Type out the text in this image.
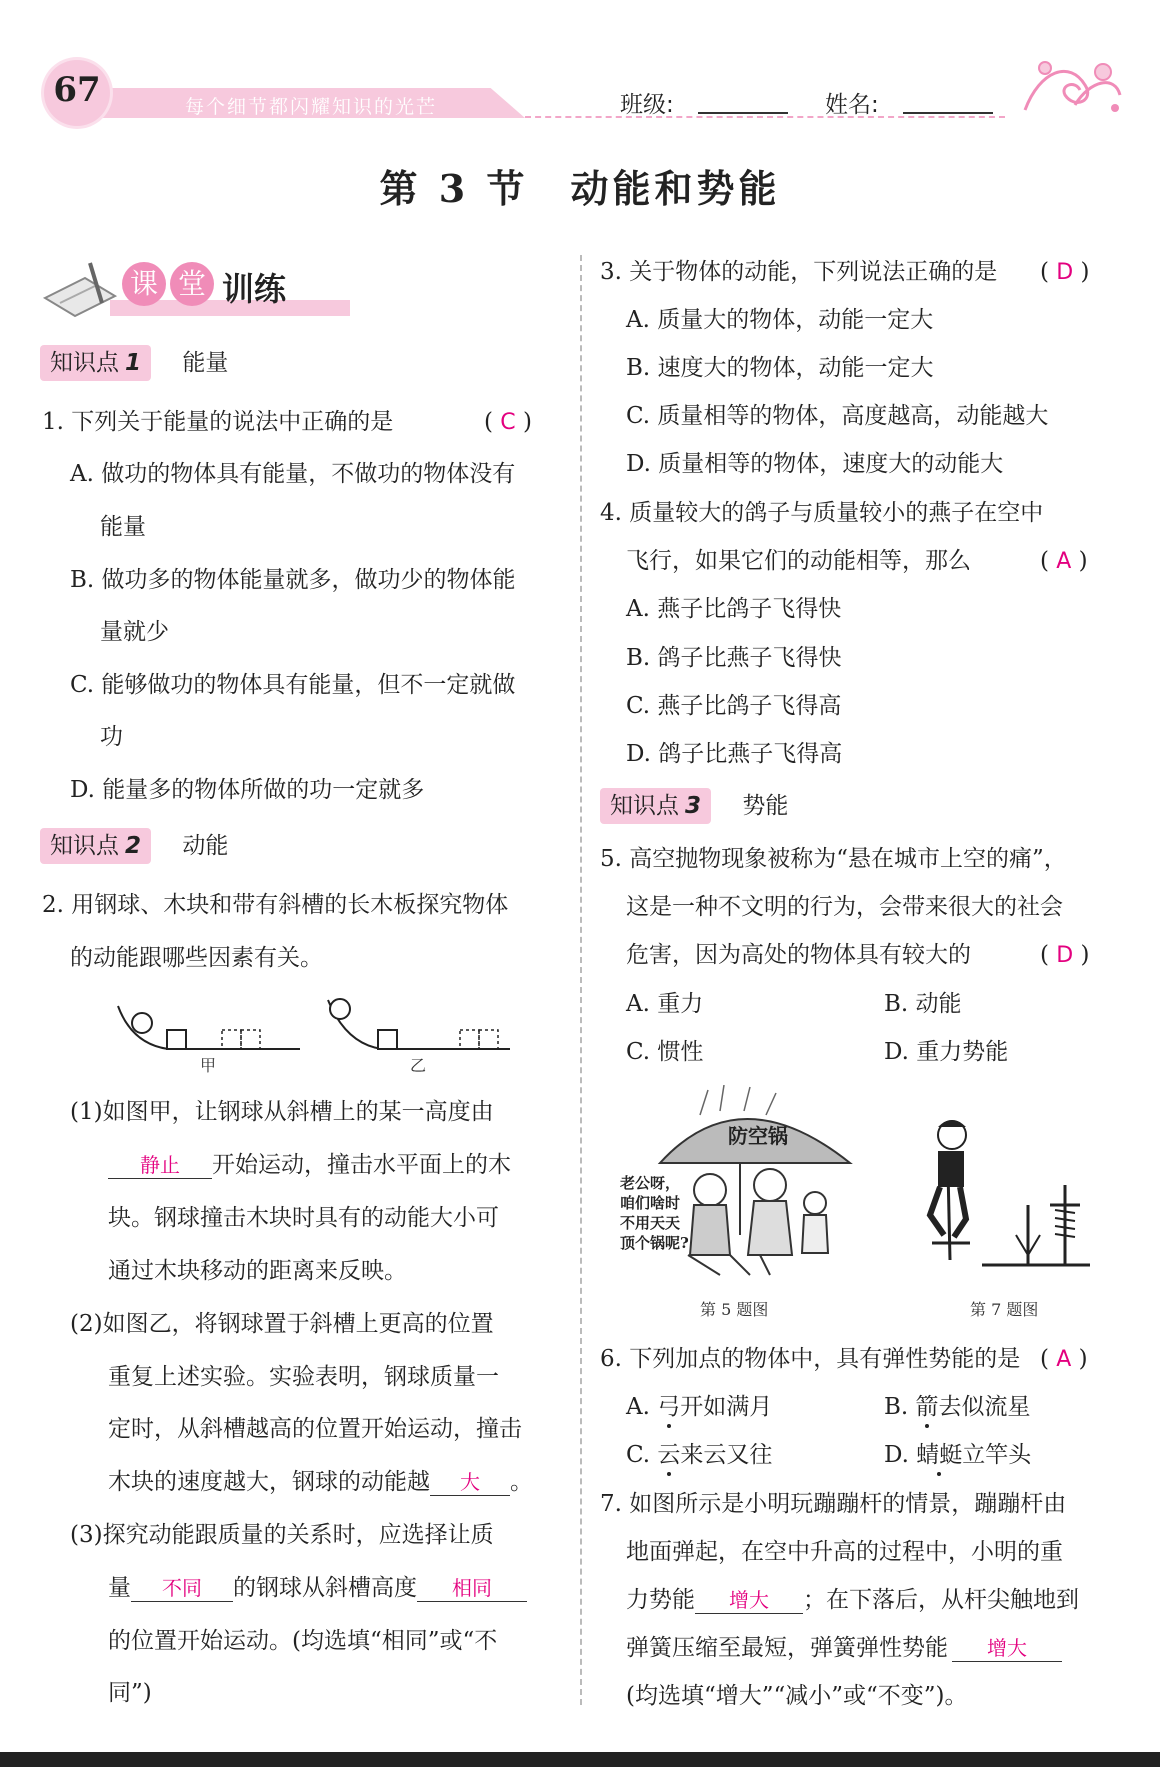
67	每个细节都闪耀知识的光芒	班级:	姓名:
第 3 节　动能和势能
课 堂 训练
知识点 1 能量
1. 下列关于能量的说法中正确的是	( C )
A. 做功的物体具有能量，不做功的物体没有
能量
B. 做功多的物体能量就多，做功少的物体能
量就少
C. 能够做功的物体具有能量，但不一定就做
功
D. 能量多的物体所做的功一定就多
知识点 2 动能
2. 用钢球、木块和带有斜槽的长木板探究物体
的动能跟哪些因素有关。
甲	乙
(1)如图甲，让钢球从斜槽上的某一高度由
静止 开始运动，撞击水平面上的木
块。钢球撞击木块时具有的动能大小可
通过木块移动的距离来反映。
(2)如图乙，将钢球置于斜槽上更高的位置
重复上述实验。实验表明，钢球质量一
定时，从斜槽越高的位置开始运动，撞击
木块的速度越大，钢球的动能越 大 。
(3)探究动能跟质量的关系时，应选择让质
量 不同 的钢球从斜槽高度 相同
的位置开始运动。(均选填“相同”或“不
同”)
3. 关于物体的动能，下列说法正确的是 ( D )
A. 质量大的物体，动能一定大
B. 速度大的物体，动能一定大
C. 质量相等的物体，高度越高，动能越大
D. 质量相等的物体，速度大的动能大
4. 质量较大的鸽子与质量较小的燕子在空中
飞行，如果它们的动能相等，那么	( A )
A. 燕子比鸽子飞得快
B. 鸽子比燕子飞得快
C. 燕子比鸽子飞得高
D. 鸽子比燕子飞得高
知识点 3 势能
5. 高空抛物现象被称为“悬在城市上空的痛”，
这是一种不文明的行为，会带来很大的社会
危害，因为高处的物体具有较大的	( D )
A. 重力	B. 动能
C. 惯性	D. 重力势能
防空锅
老公呀，
咱们啥时
不用天天
顶个锅呢?
第 5 题图	第 7 题图
6. 下列加点的物体中，具有弹性势能的是 ( A )
A. 弓开如满月	B. 箭去似流星
C. 云来云又往	D. 蜻蜓立竿头
7. 如图所示是小明玩蹦蹦杆的情景，蹦蹦杆由
地面弹起，在空中升高的过程中，小明的重
力势能 增大 ；在下落后，从杆尖触地到
弹簧压缩至最短，弹簧弹性势能 增大
(均选填“增大”“减小”或“不变”)。
